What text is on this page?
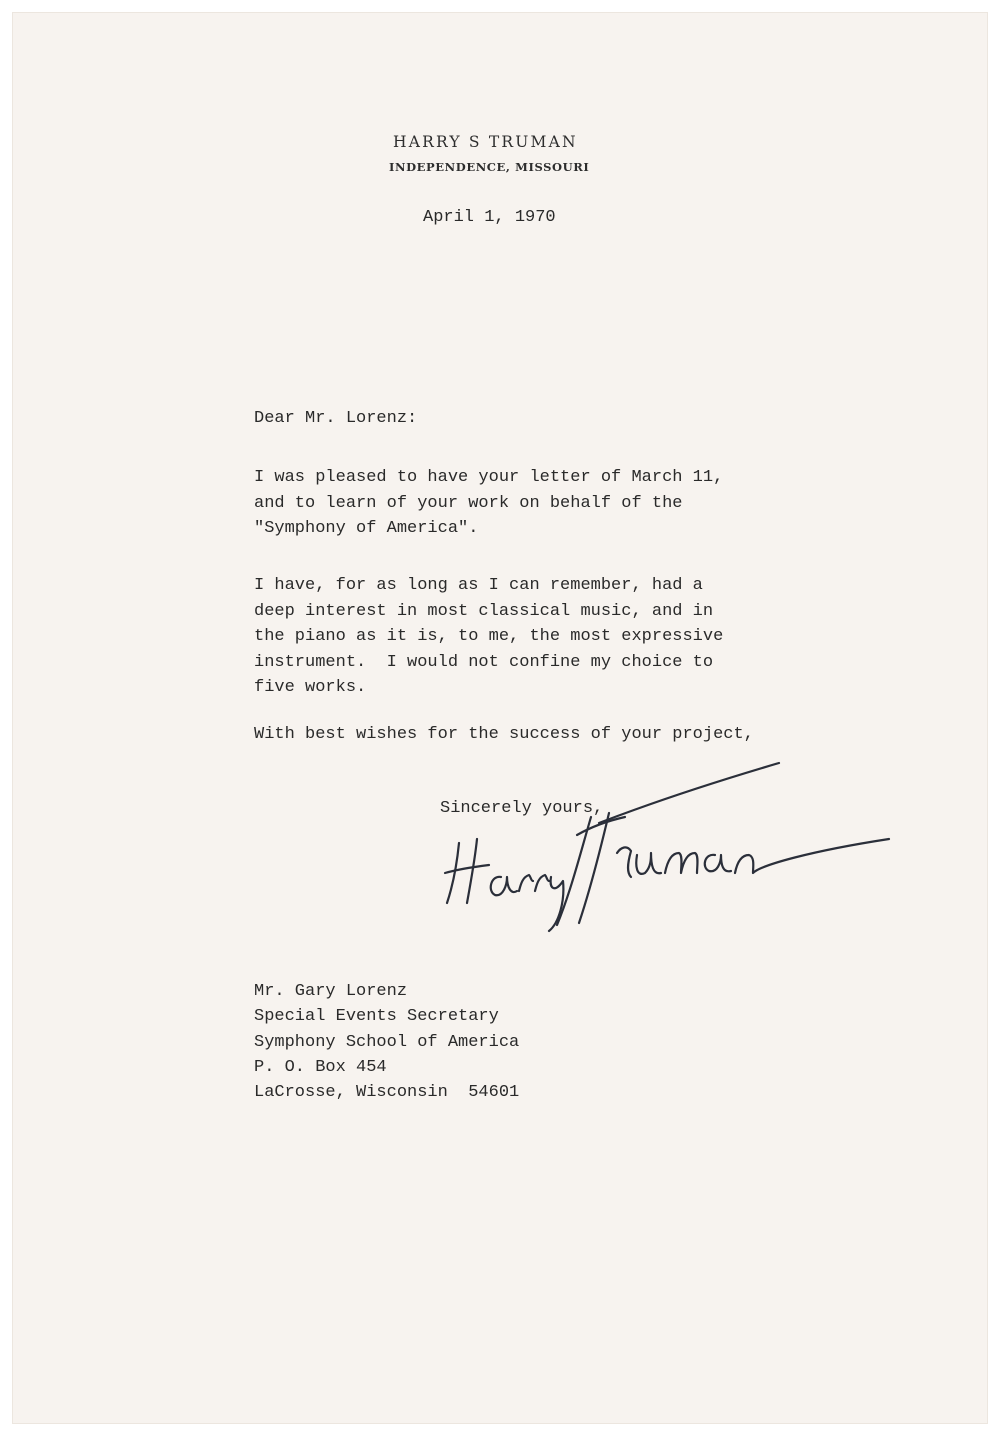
HARRY S TRUMAN
INDEPENDENCE, MISSOURI
April 1, 1970
Dear Mr. Lorenz:

I was pleased to have your letter of March 11,
and to learn of your work on behalf of the
"Symphony of America".

I have, for as long as I can remember, had a
deep interest in most classical music, and in
the piano as it is, to me, the most expressive
instrument.  I would not confine my choice to
five works.

With best wishes for the success of your project,

Sincerely yours,

Mr. Gary Lorenz
Special Events Secretary
Symphony School of America
P. O. Box 454
LaCrosse, Wisconsin  54601
